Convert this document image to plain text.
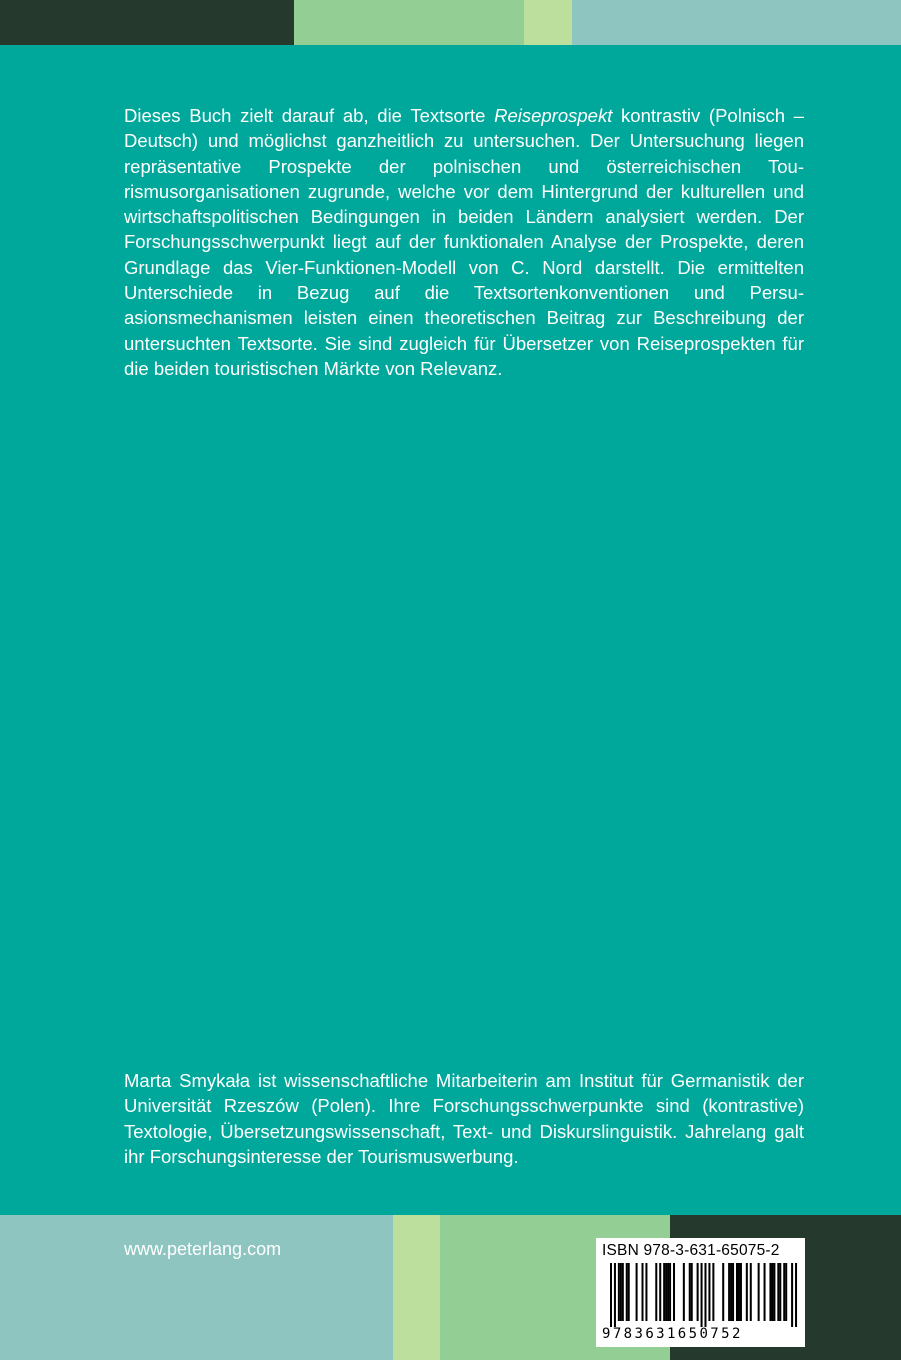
Dieses Buch zielt darauf ab, die Textsorte Reiseprospekt kontrastiv (Polnisch – Deutsch) und möglichst ganzheitlich zu untersuchen. Der Untersuchung liegen repräsentative Prospekte der polnischen und österreichischen Tourismusorganisationen zugrunde, welche vor dem Hintergrund der kulturellen und wirtschaftspolitischen Bedingungen in beiden Ländern analysiert werden. Der Forschungsschwerpunkt liegt auf der funktionalen Analyse der Prospekte, deren Grundlage das Vier-Funktionen-Modell von C. Nord darstellt. Die ermittelten Unterschiede in Bezug auf die Textsortenkonventionen und Persuasionsmechanismen leisten einen theoretischen Beitrag zur Beschreibung der untersuchten Textsorte. Sie sind zugleich für Übersetzer von Reiseprospekten für die beiden touristischen Märkte von Relevanz.

Marta Smykała ist wissenschaftliche Mitarbeiterin am Institut für Germanistik der Universität Rzeszów (Polen). Ihre Forschungsschwerpunkte sind (kontrastive) Textologie, Übersetzungswissenschaft, Text- und Diskurslinguistik. Jahrelang galt ihr Forschungsinteresse der Tourismuswerbung.

www.peterlang.com	ISBN 978-3-631-65075-2
9783631650752
